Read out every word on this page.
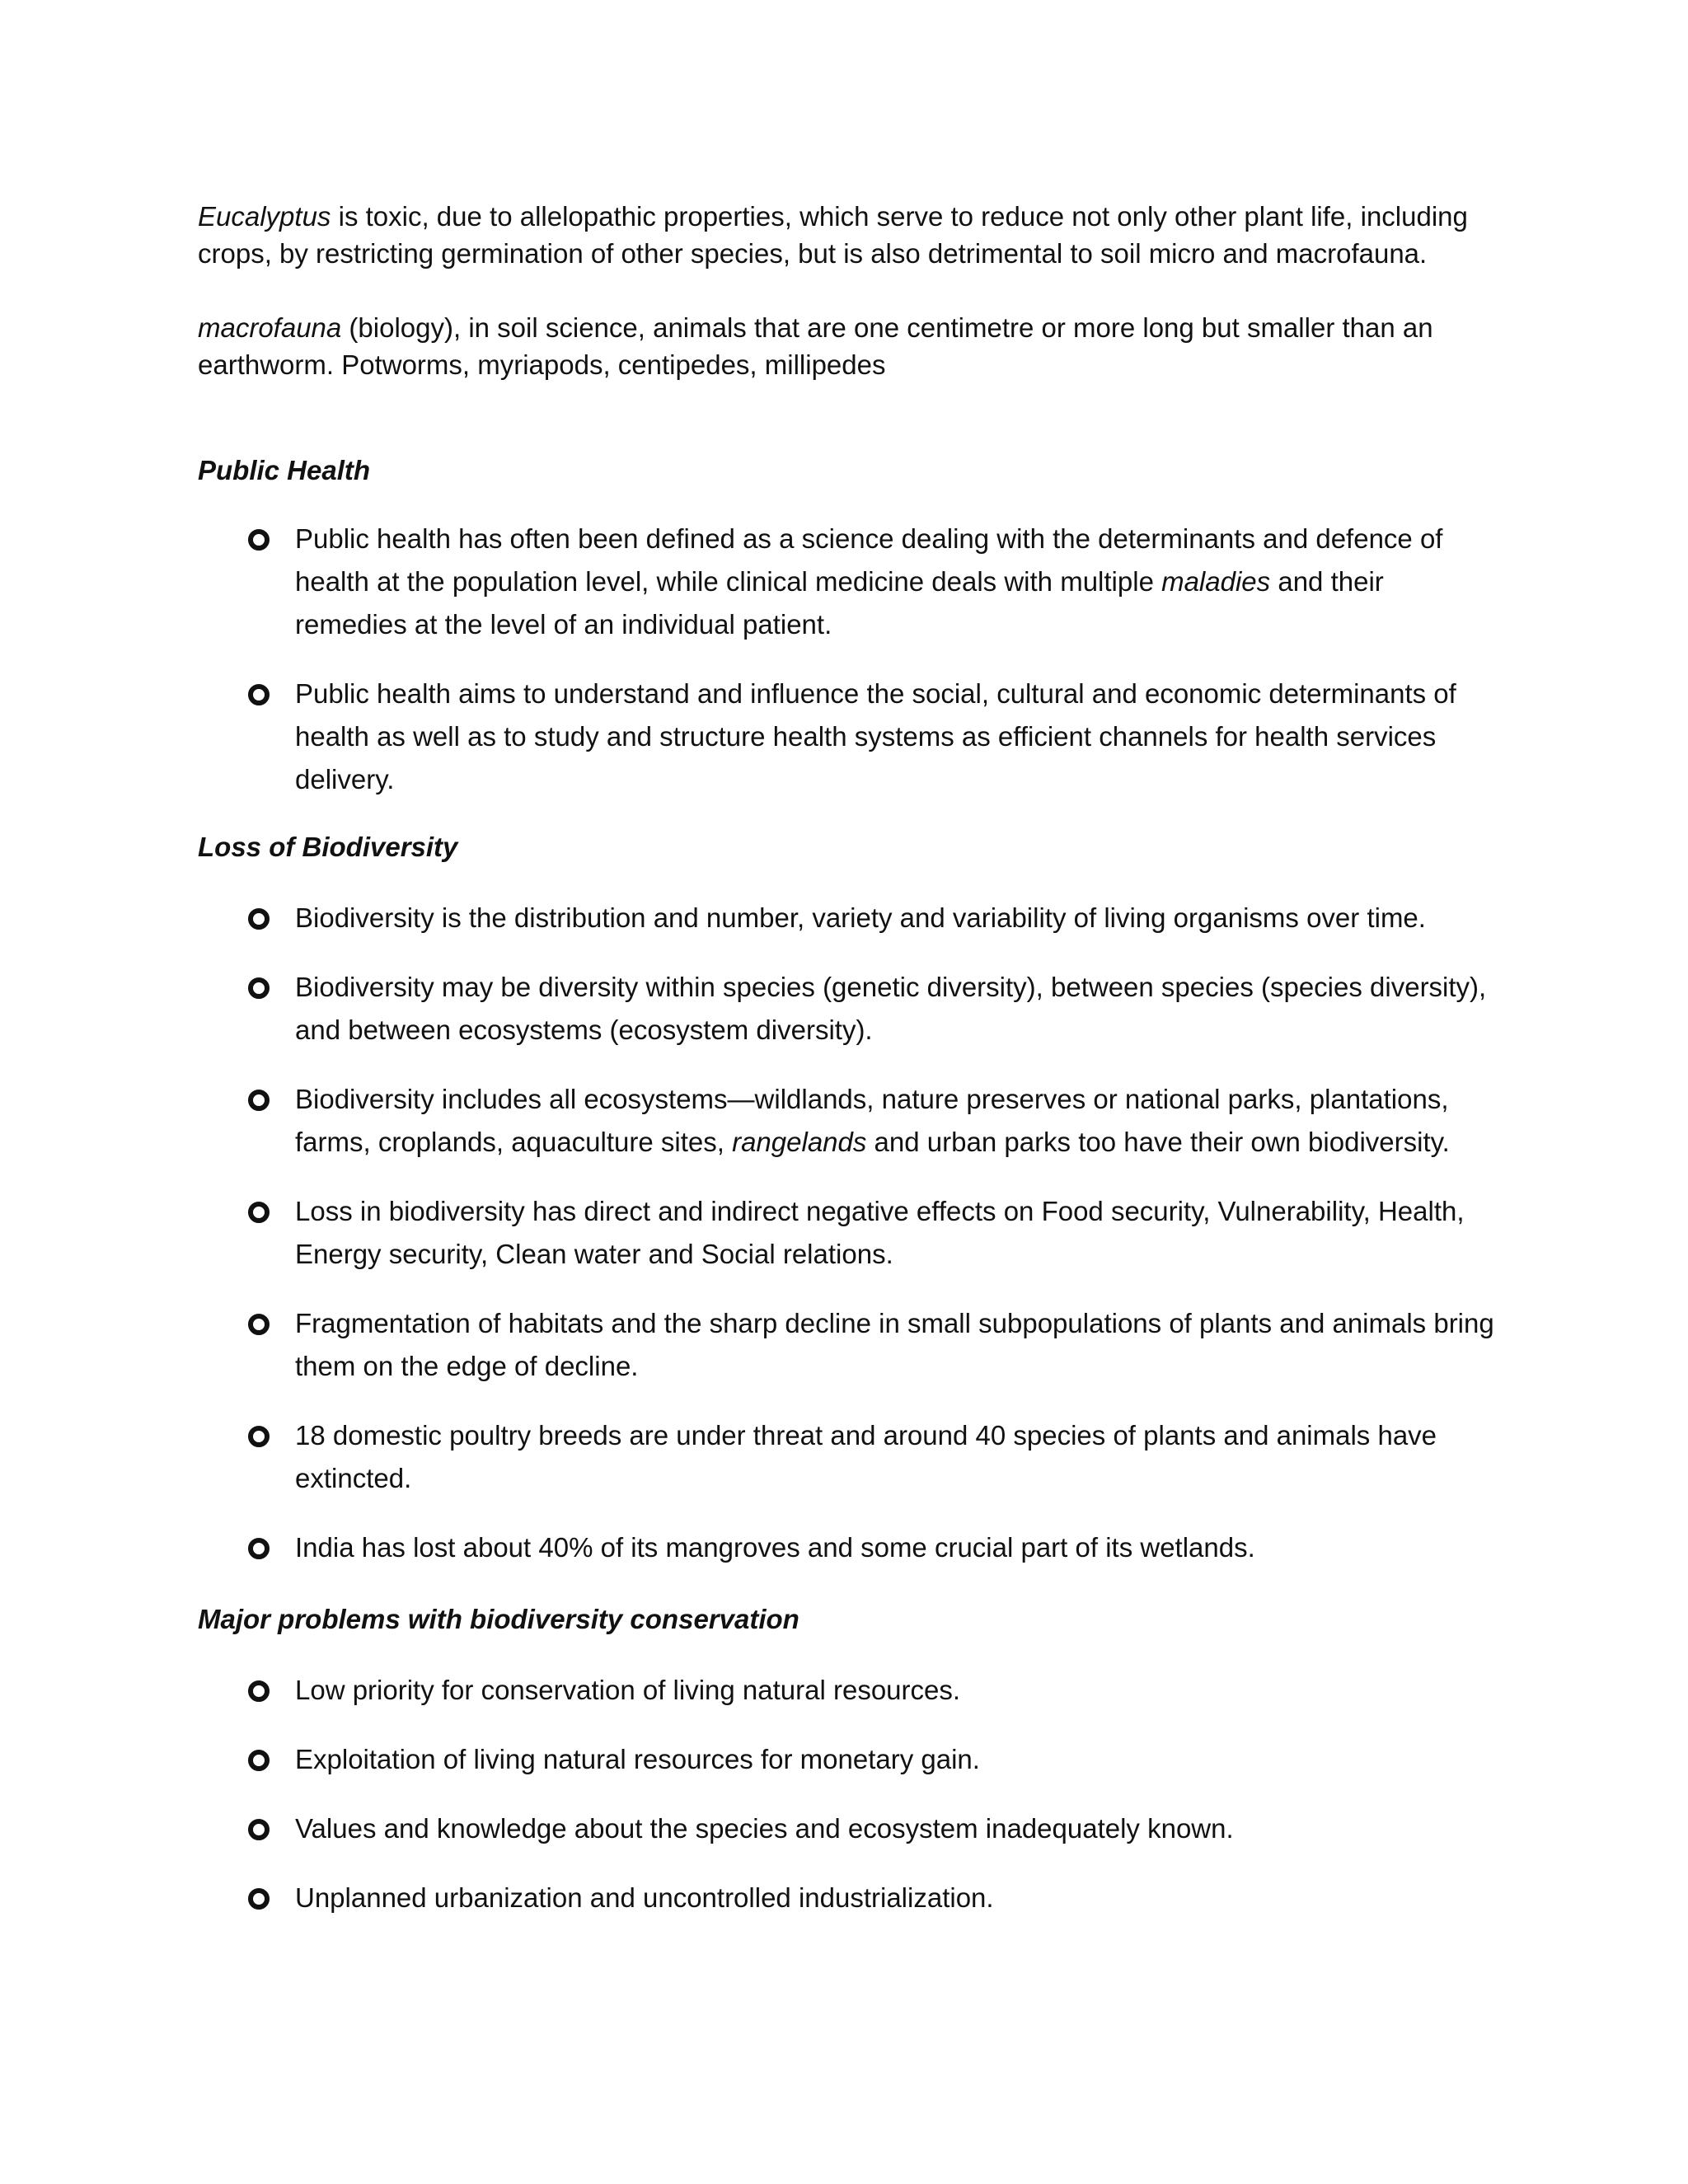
Eucalyptus is toxic, due to allelopathic properties, which serve to reduce not only other plant life, including crops, by restricting germination of other species, but is also detrimental to soil micro and macrofauna.

macrofauna (biology), in soil science, animals that are one centimetre or more long but smaller than an earthworm. Potworms, myriapods, centipedes, millipedes

Public Health
Public health has often been defined as a science dealing with the determinants and defence of health at the population level, while clinical medicine deals with multiple maladies and their remedies at the level of an individual patient.
Public health aims to understand and influence the social, cultural and economic determinants of health as well as to study and structure health systems as efficient channels for health services delivery.
Loss of Biodiversity
Biodiversity is the distribution and number, variety and variability of living organisms over time.
Biodiversity may be diversity within species (genetic diversity), between species (species diversity), and between ecosystems (ecosystem diversity).
Biodiversity includes all ecosystems—wildlands, nature preserves or national parks, plantations, farms, croplands, aquaculture sites, rangelands and urban parks too have their own biodiversity.
Loss in biodiversity has direct and indirect negative effects on Food security, Vulnerability, Health, Energy security, Clean water and Social relations.
Fragmentation of habitats and the sharp decline in small subpopulations of plants and animals bring them on the edge of decline.
18 domestic poultry breeds are under threat and around 40 species of plants and animals have extincted.
India has lost about 40% of its mangroves and some crucial part of its wetlands.
Major problems with biodiversity conservation
Low priority for conservation of living natural resources.
Exploitation of living natural resources for monetary gain.
Values and knowledge about the species and ecosystem inadequately known.
Unplanned urbanization and uncontrolled industrialization.
